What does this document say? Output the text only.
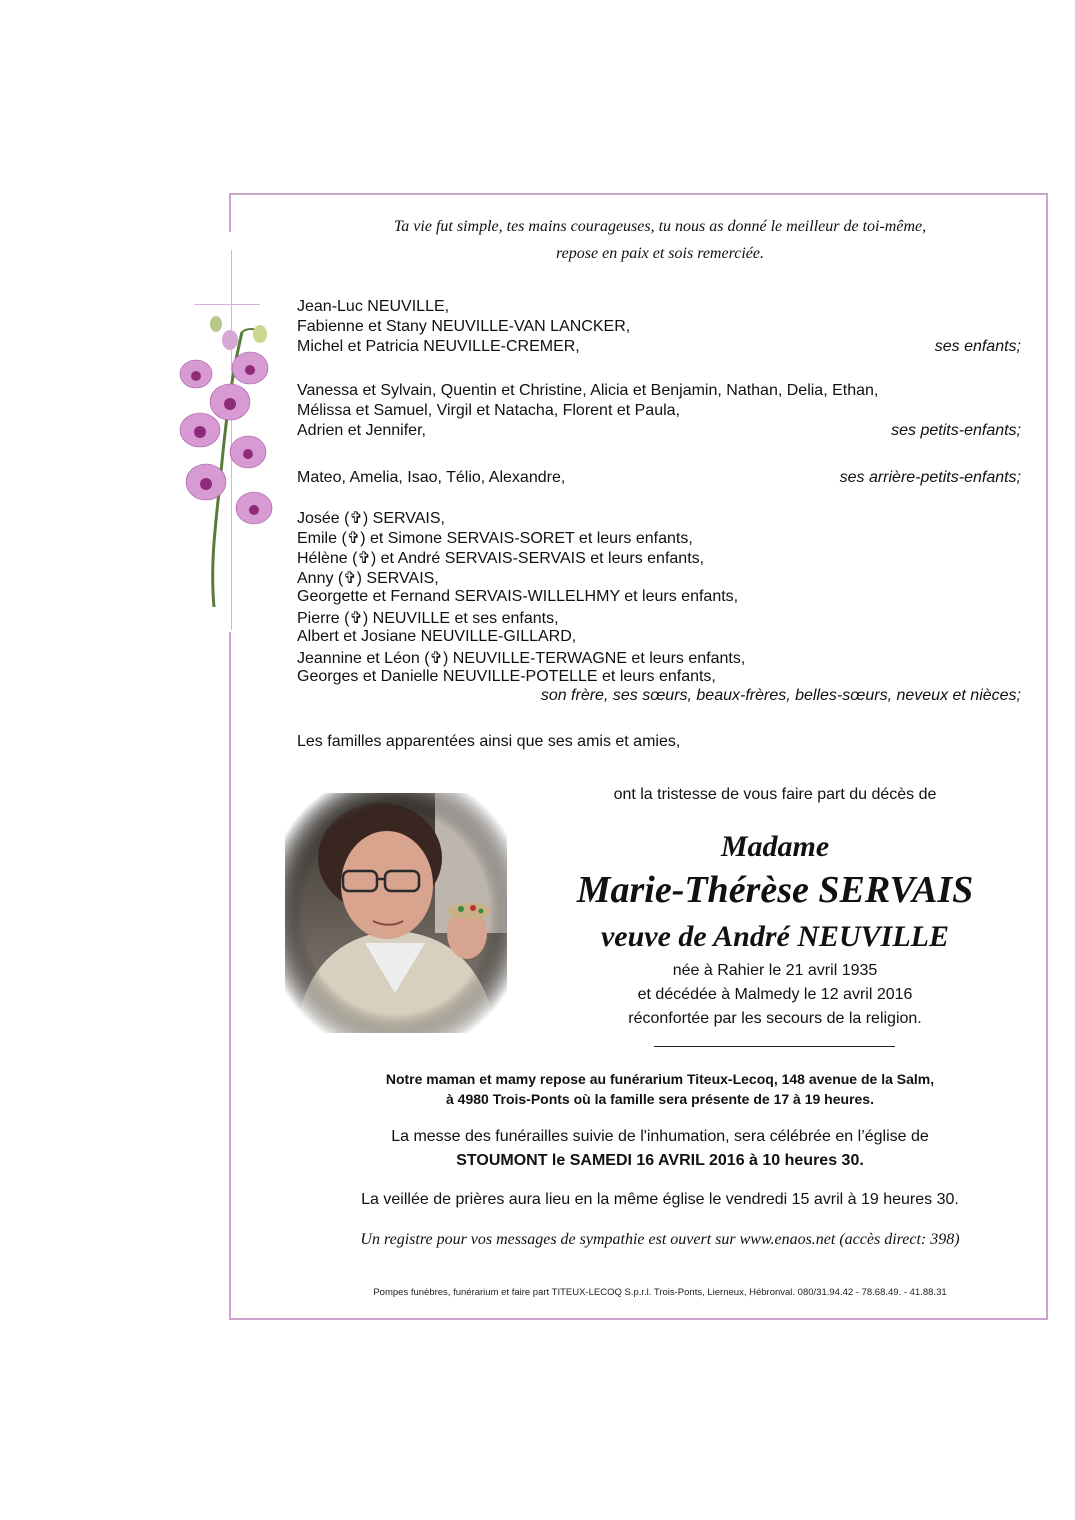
Ta vie fut simple, tes mains courageuses, tu nous as donné le meilleur de toi-même,
repose en paix et sois remerciée.
Jean-Luc NEUVILLE,
Fabienne et Stany NEUVILLE-VAN LANCKER,
Michel et Patricia NEUVILLE-CREMER,	ses enfants;
Vanessa et Sylvain, Quentin et Christine, Alicia et Benjamin, Nathan, Delia, Ethan,
Mélissa et Samuel, Virgil et Natacha, Florent et Paula,
Adrien et Jennifer,	ses petits-enfants;
Mateo, Amelia, Isao, Télio, Alexandre,	ses arrière-petits-enfants;
Josée (✞) SERVAIS,
Emile (✞) et Simone SERVAIS-SORET et leurs enfants,
Hélène (✞) et André SERVAIS-SERVAIS et leurs enfants,
Anny (✞) SERVAIS,
Georgette et Fernand SERVAIS-WILLELHMY et leurs enfants,
Pierre (✞) NEUVILLE et ses enfants,
Albert et Josiane NEUVILLE-GILLARD,
Jeannine et Léon (✞) NEUVILLE-TERWAGNE et leurs enfants,
Georges et Danielle NEUVILLE-POTELLE et leurs enfants,
son frère, ses sœurs, beaux-frères, belles-sœurs, neveux et nièces;
Les familles apparentées ainsi que ses amis et amies,
ont la tristesse de vous faire part du décès de
Madame
Marie-Thérèse SERVAIS
veuve de André NEUVILLE
née à Rahier le 21 avril 1935
et décédée à Malmedy le 12 avril 2016
réconfortée par les secours de la religion.
Notre maman et mamy repose au funérarium Titeux-Lecoq, 148 avenue de la Salm,
à 4980 Trois-Ponts où la famille sera présente de 17 à 19 heures.
La messe des funérailles suivie de l'inhumation, sera célébrée en l’église de
STOUMONT le SAMEDI 16 AVRIL 2016 à 10 heures 30.
La veillée de prières aura lieu en la même église le vendredi 15 avril à 19 heures 30.
Un registre pour vos messages de sympathie est ouvert sur www.enaos.net (accès direct: 398)
Pompes funèbres, funérarium et faire part TITEUX-LECOQ S.p.r.l. Trois-Ponts, Lierneux, Hébronval. 080/31.94.42 - 78.68.49. - 41.88.31
